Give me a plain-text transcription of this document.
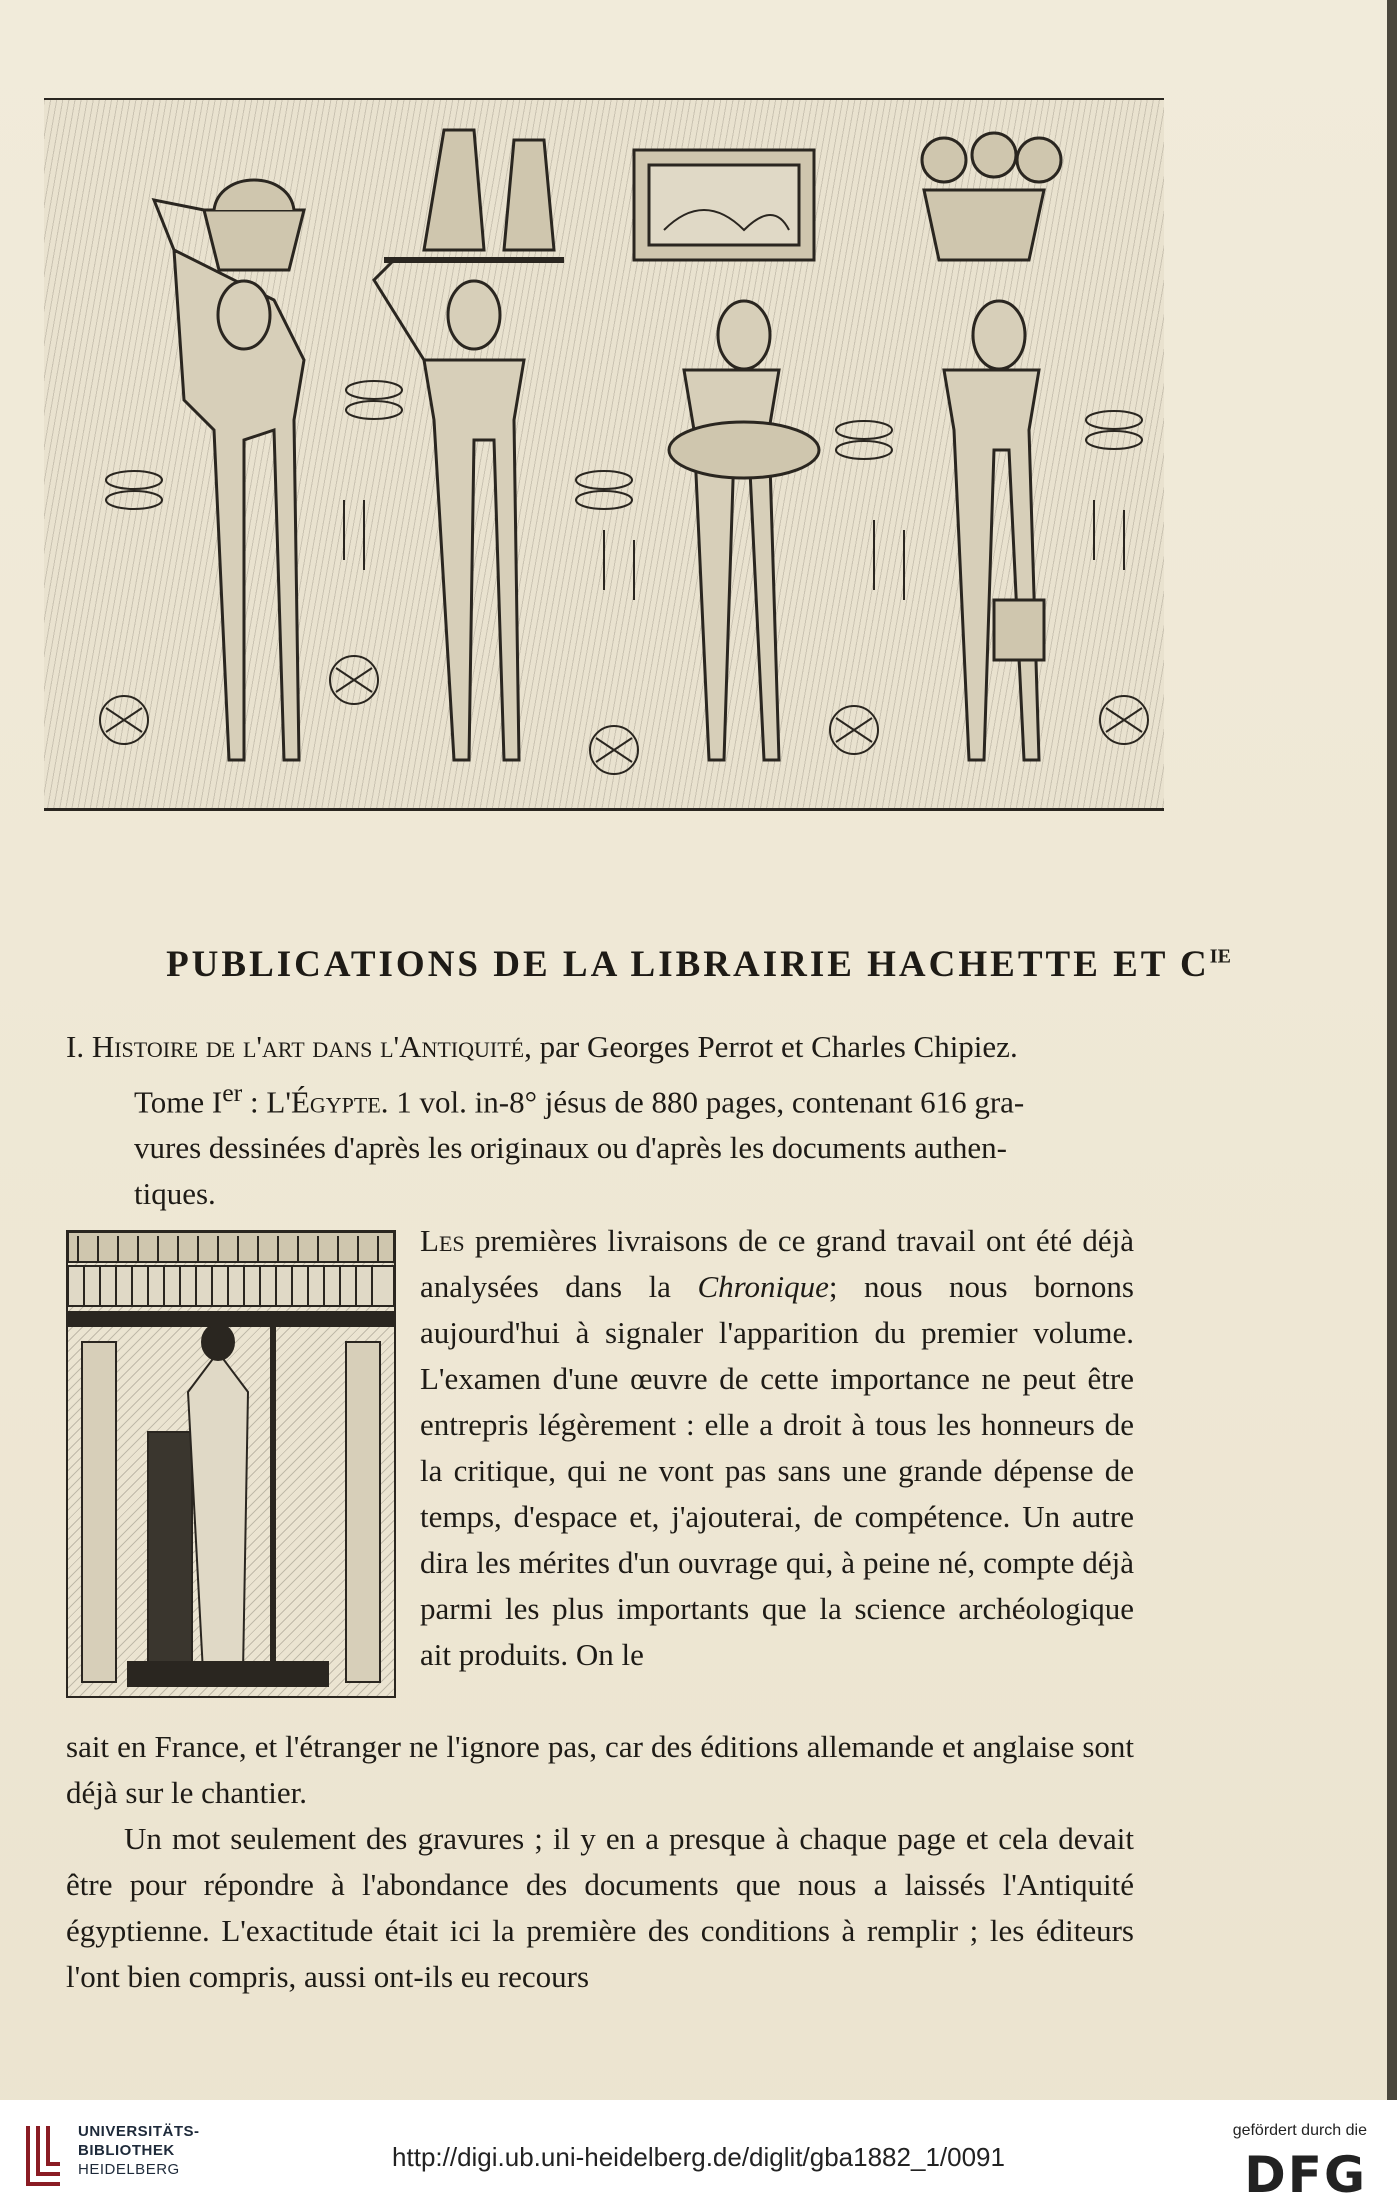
PUBLICATIONS DE LA LIBRAIRIE HACHETTE ET $C^{IE}$
I. Histoire de l'art dans l'Antiquité, par Georges Perrot et Charles Chipiez.
Tome Ier : L'Égypte. 1 vol. in-8° jésus de 880 pages, contenant 616 gra-
vures dessinées d'après les originaux ou d'après les documents authen-
tiques.
Les premières livraisons de ce grand travail ont été déjà analysées dans la Chronique; nous nous bornons aujourd'hui à signaler l'apparition du premier volume. L'examen d'une œuvre de cette importance ne peut être entrepris légèrement : elle a droit à tous les honneurs de la critique, qui ne vont pas sans une grande dépense de temps, d'espace et, j'ajouterai, de compétence. Un autre dira les mérites d'un ouvrage qui, à peine né, compte déjà parmi les plus importants que la science archéologique ait produits. On le
sait en France, et l'étranger ne l'ignore pas, car des éditions allemande et anglaise sont déjà sur le chantier.
Un mot seulement des gravures ; il y en a presque à chaque page et cela devait être pour répondre à l'abondance des documents que nous a laissés l'Antiquité égyptienne. L'exactitude était ici la première des conditions à remplir ; les éditeurs l'ont bien compris, aussi ont-ils eu recours
UNIVERSITÄTS-
BIBLIOTHEK
HEIDELBERG	http://digi.ub.uni-heidelberg.de/diglit/gba1882_1/0091
gefördert durch die
DFG
